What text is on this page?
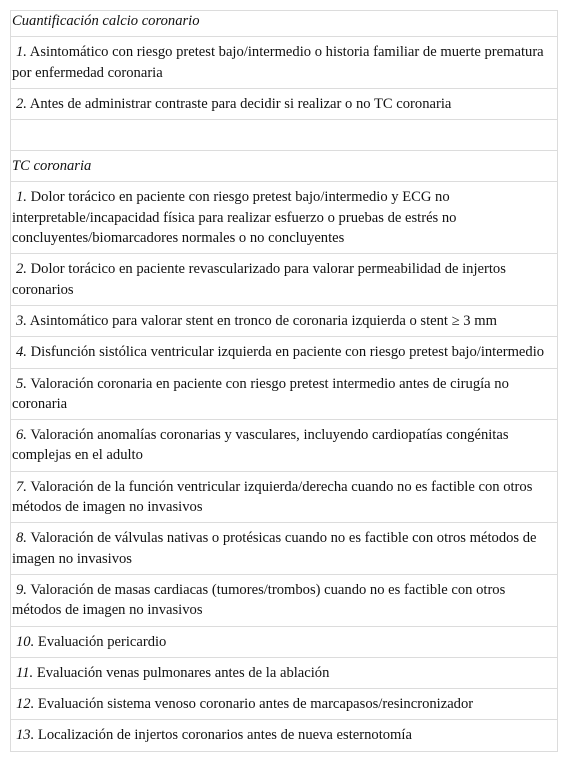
Cuantificación calcio coronario
1. Asintomático con riesgo pretest bajo/intermedio o historia familiar de muerte prematura por enfermedad coronaria
2. Antes de administrar contraste para decidir si realizar o no TC coronaria

TC coronaria
1. Dolor torácico en paciente con riesgo pretest bajo/intermedio y ECG no interpretable/incapacidad física para realizar esfuerzo o pruebas de estrés no concluyentes/biomarcadores normales o no concluyentes
2. Dolor torácico en paciente revascularizado para valorar permeabilidad de injertos coronarios
3. Asintomático para valorar stent en tronco de coronaria izquierda o stent ≥ 3 mm
4. Disfunción sistólica ventricular izquierda en paciente con riesgo pretest bajo/intermedio
5. Valoración coronaria en paciente con riesgo pretest intermedio antes de cirugía no coronaria
6. Valoración anomalías coronarias y vasculares, incluyendo cardiopatías congénitas complejas en el adulto
7. Valoración de la función ventricular izquierda/derecha cuando no es factible con otros métodos de imagen no invasivos
8. Valoración de válvulas nativas o protésicas cuando no es factible con otros métodos de imagen no invasivos
9. Valoración de masas cardiacas (tumores/trombos) cuando no es factible con otros métodos de imagen no invasivos
10. Evaluación pericardio
11. Evaluación venas pulmonares antes de la ablación
12. Evaluación sistema venoso coronario antes de marcapasos/resincronizador
13. Localización de injertos coronarios antes de nueva esternotomía
